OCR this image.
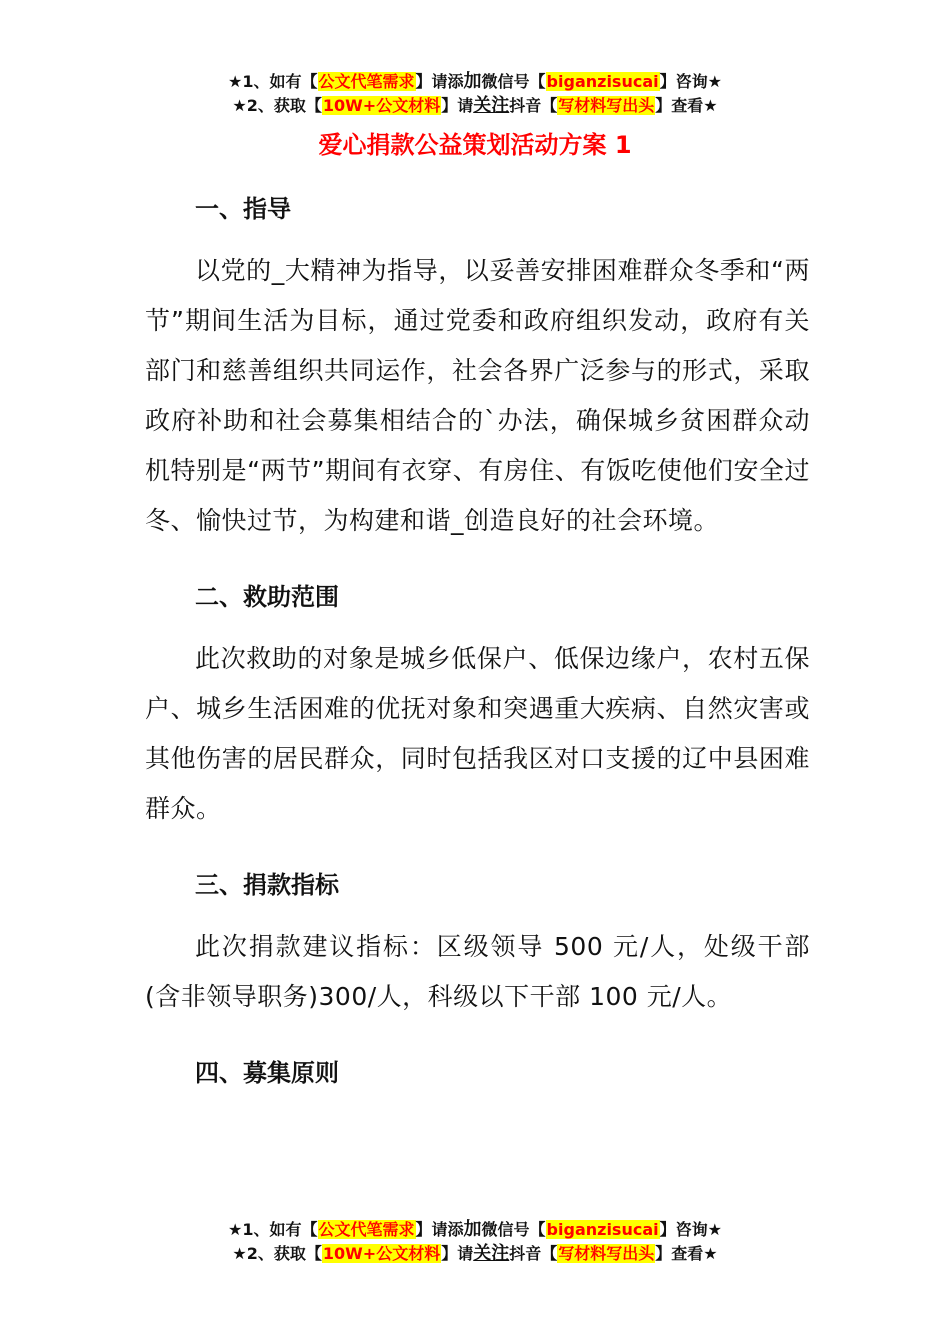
★1、如有【公文代笔需求】请添加微信号【biganzisucai】咨询★
★2、获取【10W+公文材料】请关注抖音【写材料写出头】查看★
爱心捐款公益策划活动方案 1
一、指导

以党的_大精神为指导，以妥善安排困难群众冬季和“两节”期间生活为目标，通过党委和政府组织发动，政府有关部门和慈善组织共同运作，社会各界广泛参与的形式，采取政府补助和社会募集相结合的`办法，确保城乡贫困群众动机特别是“两节”期间有衣穿、有房住、有饭吃使他们安全过冬、愉快过节，为构建和谐_创造良好的社会环境。

二、救助范围

此次救助的对象是城乡低保户、低保边缘户，农村五保户、城乡生活困难的优抚对象和突遇重大疾病、自然灾害或其他伤害的居民群众，同时包括我区对口支援的辽中县困难群众。

三、捐款指标

此次捐款建议指标：区级领导 500 元/人，处级干部(含非领导职务)300/人，科级以下干部 100 元/人。

四、募集原则
★1、如有【公文代笔需求】请添加微信号【biganzisucai】咨询★
★2、获取【10W+公文材料】请关注抖音【写材料写出头】查看★
